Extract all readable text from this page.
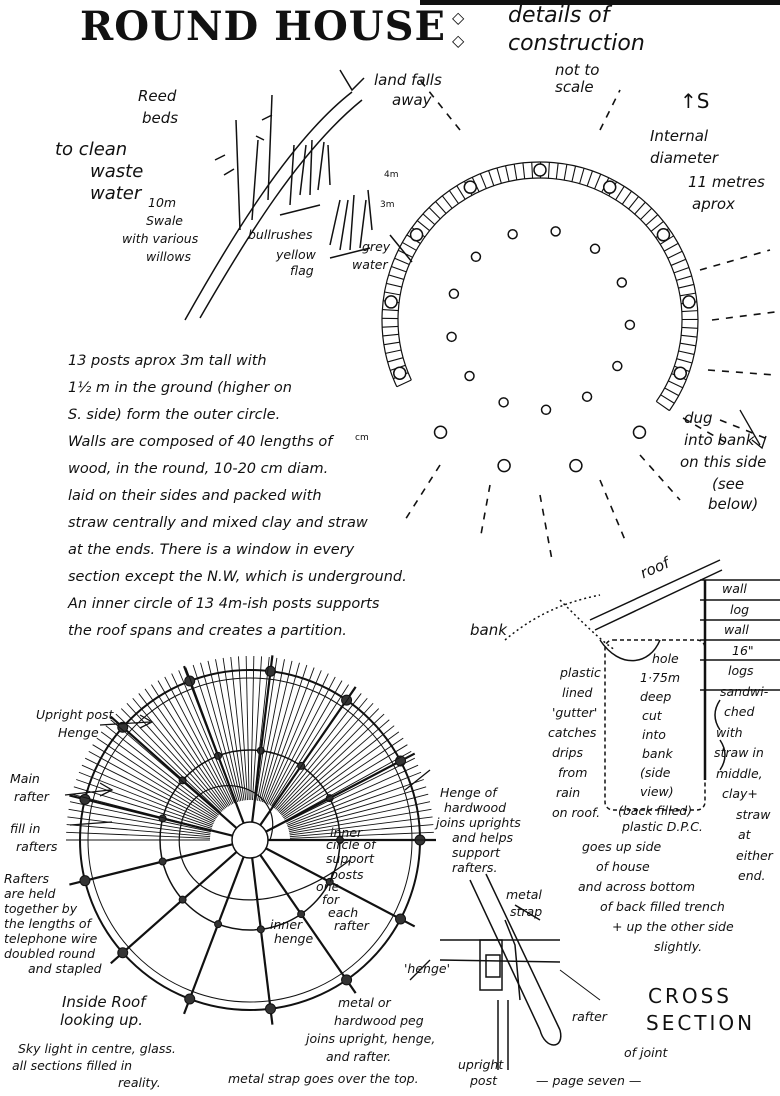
ROUND HOUSE ◇
◇
details of construction
not to scale
↑S
Internal
diameter
11 metres
aprox
land falls
away
Reed
beds
to clean
waste
water 10m
Swale
with various
willows
bullrushes
yellow
flag
grey
water
4m
3m
dug
into bank
on this side
(see
below)
13 posts aprox 3m tall with
1½ m in the ground (higher on
S. side) form the outer circle.
Walls are composed of 40 lengths of
wood, in the round, 10-20 cm diam.
laid on their sides and packed with
straw centrally and mixed clay and straw
at the ends. There is a window in every
section except the N.W, which is underground.
An inner circle of 13 4m-ish posts supports
the roof spans and creates a partition.
cm
roof
bank
wall
log
wall
16"
logs
sandwi-
ched
with
straw in
middle,
clay+
straw
at
either
end.
hole
1·75m
deep
cut
into
bank
(side
view)
(back filled)
plastic
lined
'gutter'
catches
drips
from
rain
on roof.
plastic D.P.C.
goes up side
of house
and across bottom
of back filled trench
+ up the other side
slightly.
CROSS
SECTION
Upright post
Henge
Main
rafter
fill in
rafters
Rafters
are held
together by
the lengths of
telephone wire
doubled round
and stapled
Inside Roof
looking up.
Sky light in centre, glass.
all sections filled in
reality.
Henge of
hardwood
joins uprights
and helps
support
rafters.
inner
circle of
support
posts
one
for
each
rafter
inner
henge
'henge'
metal
strap
metal or
hardwood peg
joins upright, henge,
and rafter.
metal strap goes over the top.
rafter
of joint
— page seven —
upright
post
